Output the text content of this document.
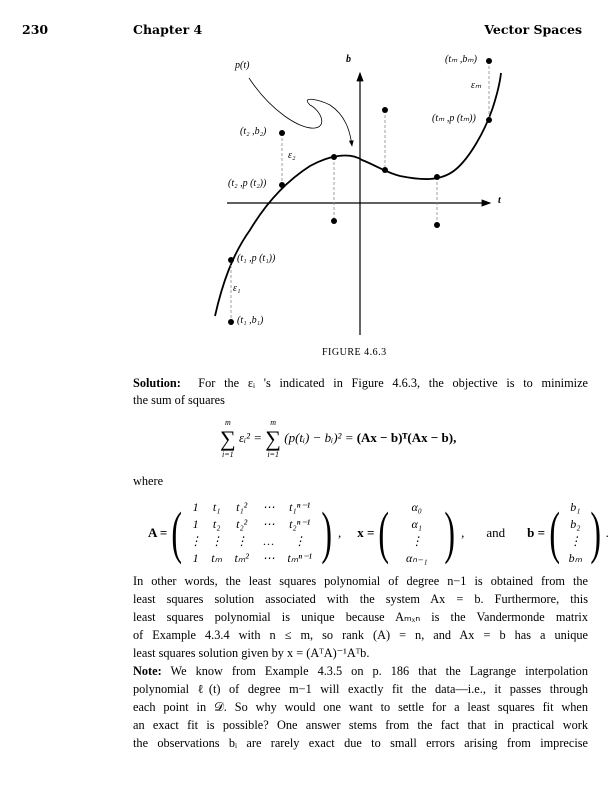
230	Chapter 4	Vector Spaces
b
t
p(t)
(t₁ ,b₁)
(t₁ ,p (t₁))
ε₁
(t₂ ,b₂)
(t₂ ,p (t₂))
ε₂
(tₘ ,bₘ)
(tₘ ,p (tₘ))
εₘ
FIGURE 4.6.3
Solution: For the εᵢ 's indicated in Figure 4.6.3, the objective is to minimize
the sum of squares
m
∑
i=1
εᵢ² =
m
∑
i=1
(p(tᵢ) − bᵢ)² = (Ax − b)ᵀ(Ax − b),
where
A = ( 1	t₁	t₁²	⋯	t₁ⁿ⁻¹
1	t₂	t₂²	⋯	t₂ⁿ⁻¹
⋮ ⋮	⋮	…	⋮
1	tₘ	tₘ²	⋯	tₘⁿ⁻¹ ) , x = (	α₀
α₁
⋮
αₙ₋₁ ) , and b = ( b₁
b₂
⋮
bₘ ) .
In other words, the least squares polynomial of degree n−1 is obtained from the
least squares solution associated with the system Ax = b. Furthermore, this
least squares polynomial is unique because Aₘₓₙ is the Vandermonde matrix
of Example 4.3.4 with n ≤ m, so rank (A) = n, and Ax = b has a unique
least squares solution given by x = (AᵀA)⁻¹Aᵀb.
Note: We know from Example 4.3.5 on p. 186 that the Lagrange interpolation
polynomial ℓ(t) of degree m−1 will exactly fit the data—i.e., it passes through
each point in 𝒟. So why would one want to settle for a least squares fit when
an exact fit is possible? One answer stems from the fact that in practical work
the observations bᵢ are rarely exact due to small errors arising from imprecise
